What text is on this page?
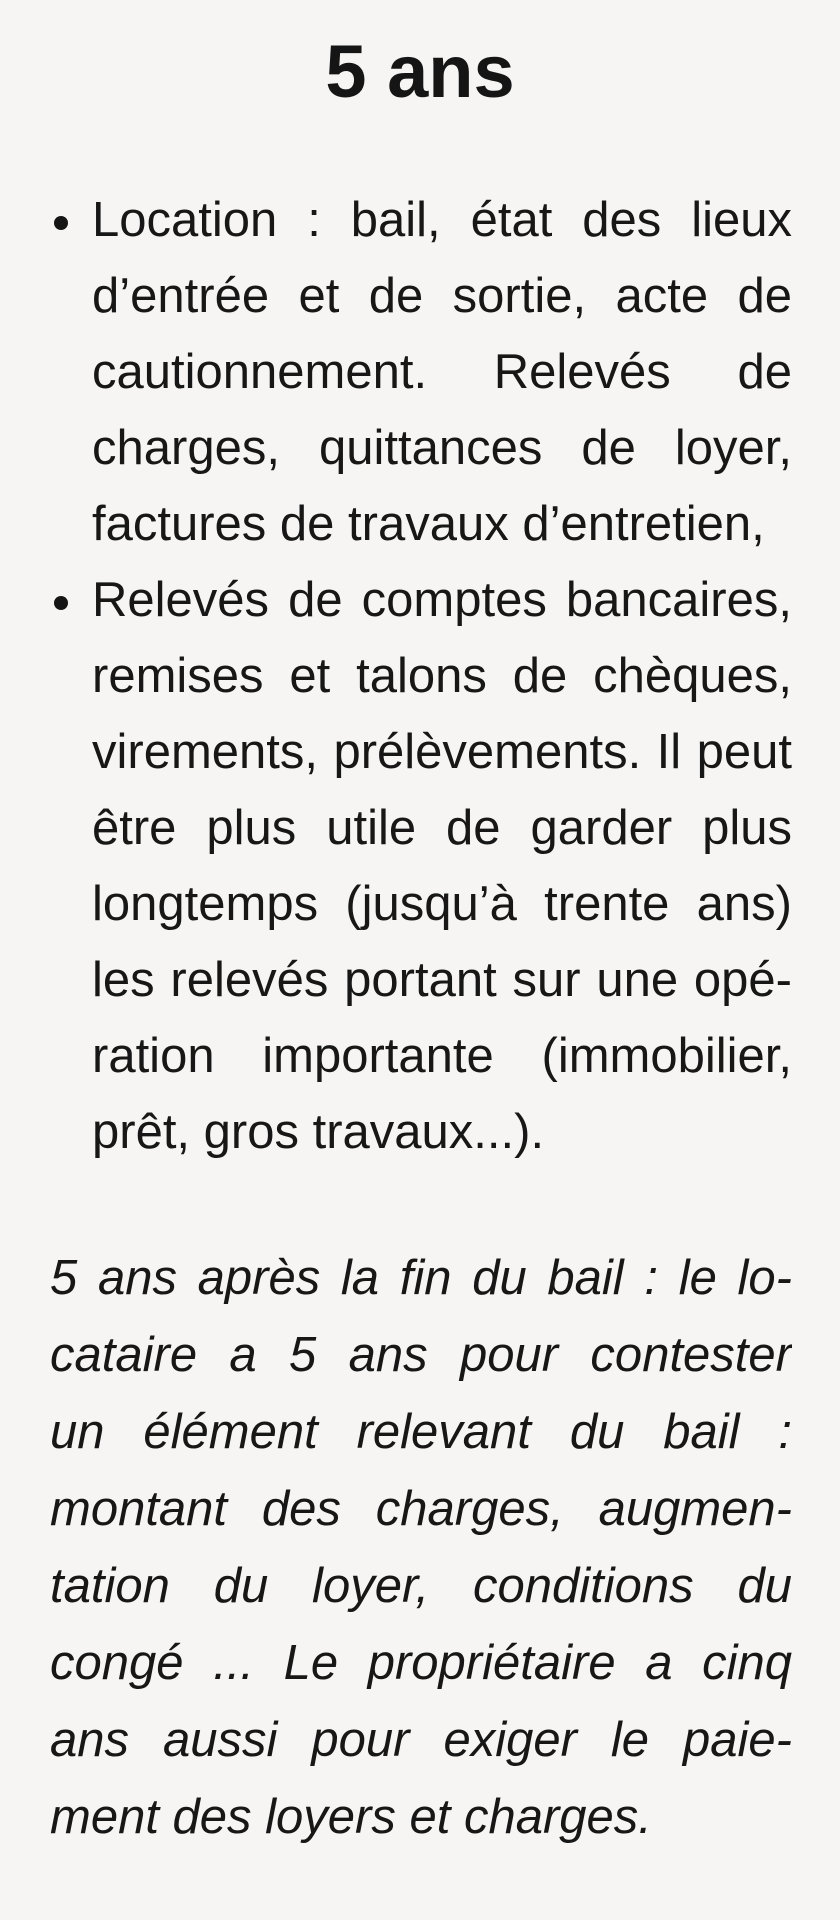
5 ans
Location : bail, état des lieux
d’entrée et de sortie, acte de
cautionnement. Relevés de
charges, quittances de loyer,
factures de travaux d’entretien,
Relevés de comptes bancaires,
remises et talons de chèques,
virements, prélèvements. Il peut
être plus utile de garder plus
longtemps (jusqu’à trente ans)
les relevés portant sur une opé-
ration importante (immobilier,
prêt, gros travaux...).
5 ans après la fin du bail : le lo-
cataire a 5 ans pour contester
un élément relevant du bail :
montant des charges, augmen-
tation du loyer, conditions du
congé ... Le propriétaire a cinq
ans aussi pour exiger le paie-
ment des loyers et charges.
